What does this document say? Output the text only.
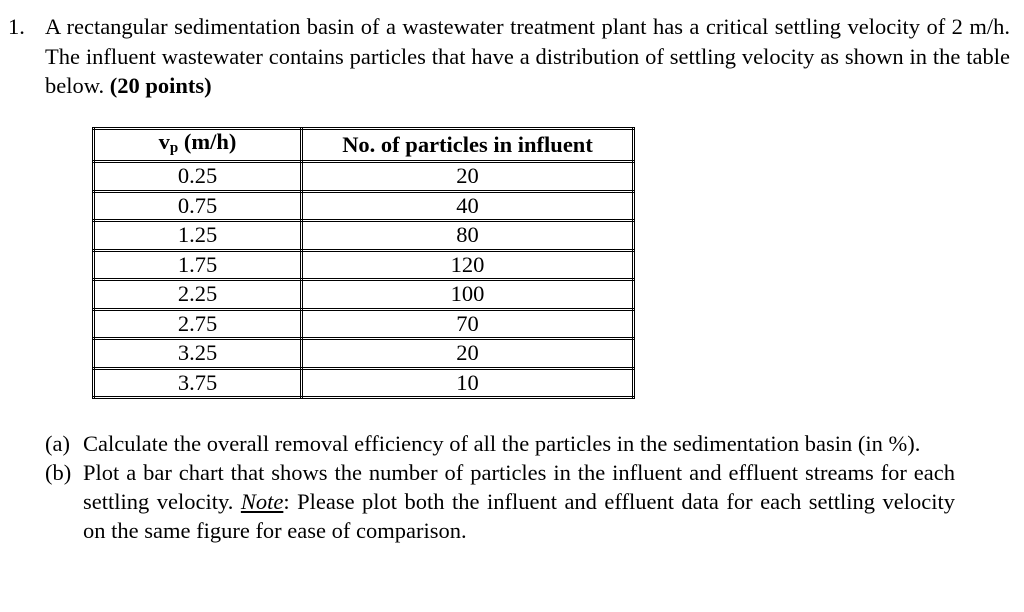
1. A rectangular sedimentation basin of a wastewater treatment plant has a critical settling velocity of 2 m/h. The influent wastewater contains particles that have a distribution of settling velocity as shown in the table below. (20 points)
$v_p$ (m/h)	No. of particles in influent
0.25	20
0.75	40
1.25	80
1.75	120
2.25	100
2.75	70
3.25	20
3.75	10
(a) Calculate the overall removal efficiency of all the particles in the sedimentation basin (in %).
(b) Plot a bar chart that shows the number of particles in the influent and effluent streams for each settling velocity. Note: Please plot both the influent and effluent data for each settling velocity on the same figure for ease of comparison.
